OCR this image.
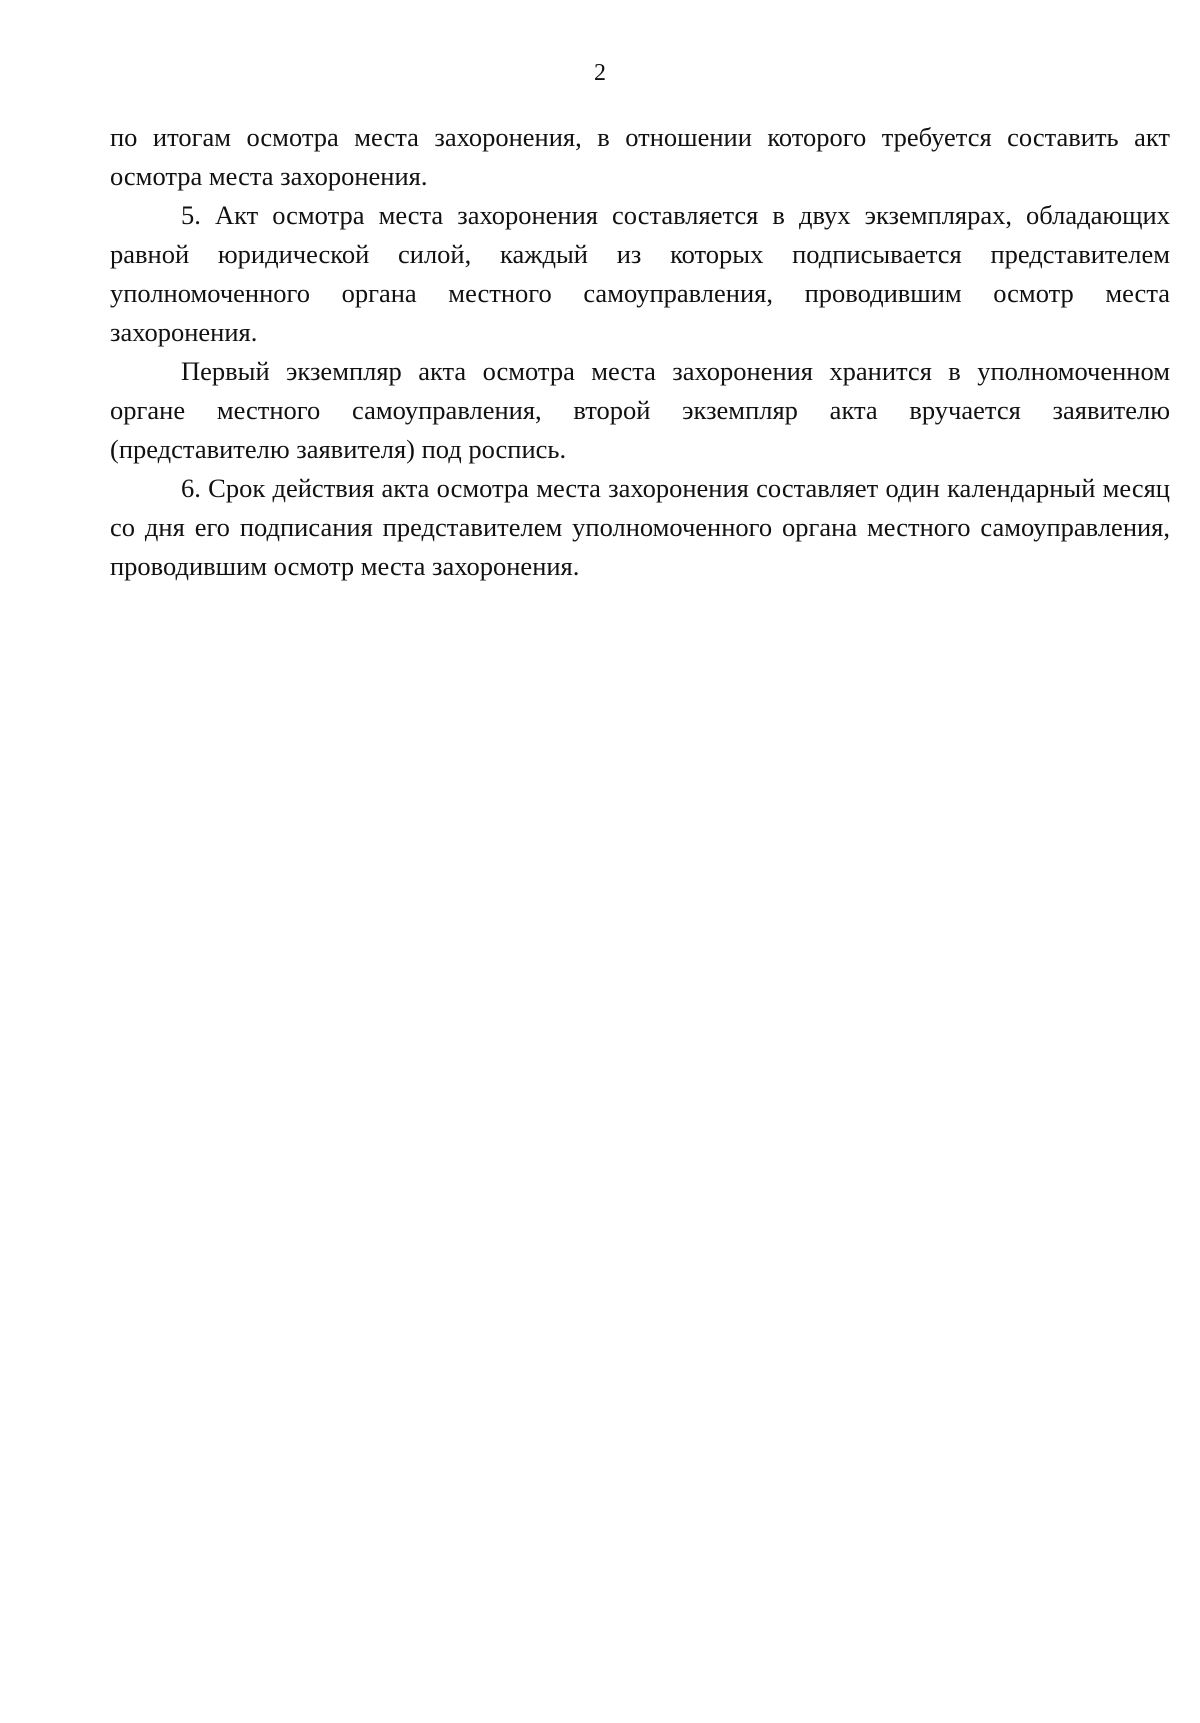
2

по итогам осмотра места захоронения, в отношении которого требуется составить акт осмотра места захоронения.

5. Акт осмотра места захоронения составляется в двух экземплярах, обладающих равной юридической силой, каждый из которых подписывается представителем уполномоченного органа местного самоуправления, проводившим осмотр места захоронения.

Первый экземпляр акта осмотра места захоронения хранится в уполномоченном органе местного самоуправления, второй экземпляр акта вручается заявителю (представителю заявителя) под роспись.

6. Срок действия акта осмотра места захоронения составляет один календарный месяц со дня его подписания представителем уполномоченного органа местного самоуправления, проводившим осмотр места захоронения.
